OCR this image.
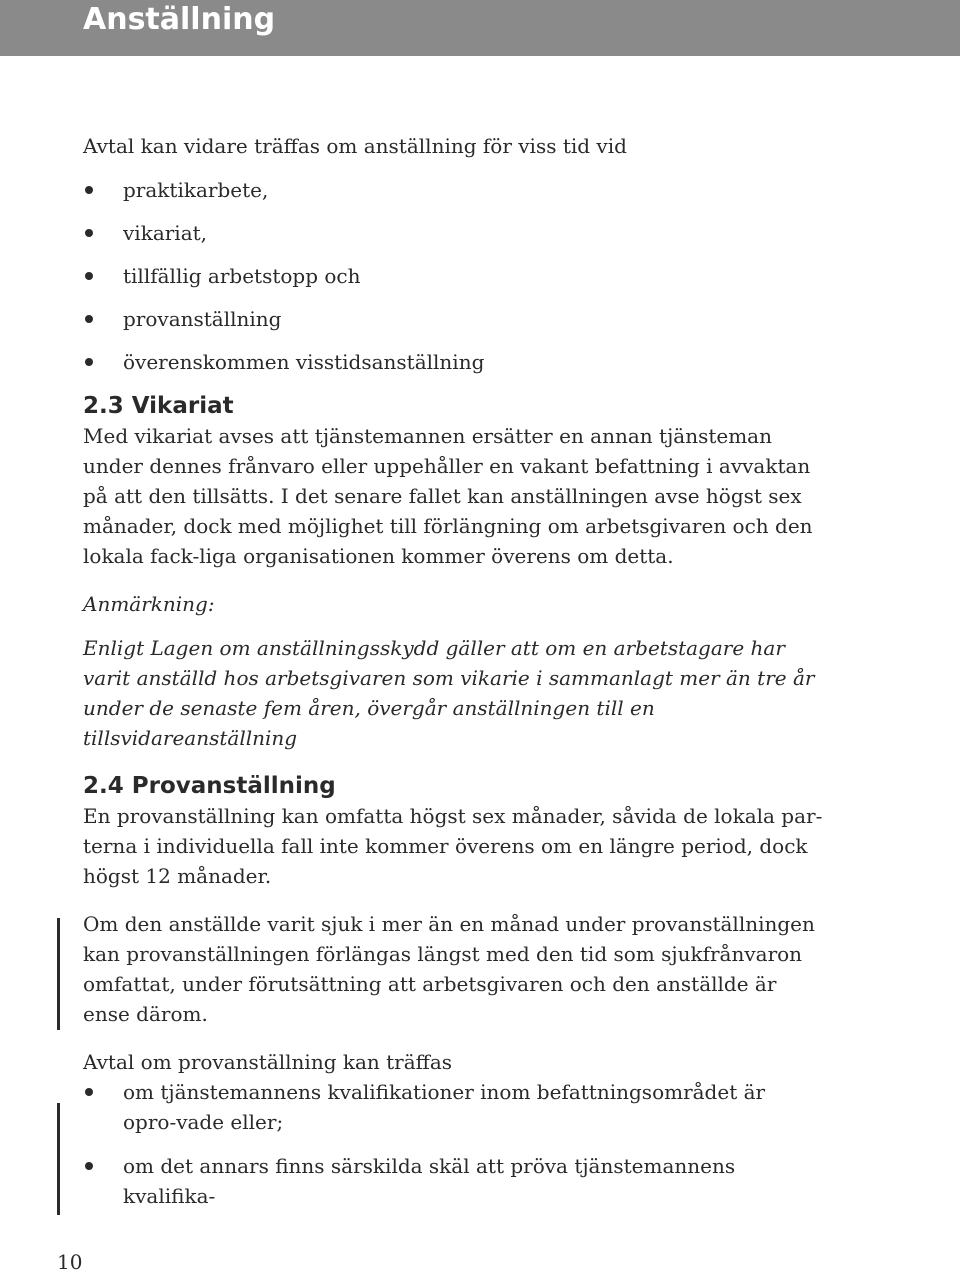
Anställning

Avtal kan vidare träffas om anställning för viss tid vid

praktikarbete,
vikariat,
tillfällig arbetstopp och
provanställning
överenskommen visstidsanställning
2.3 Vikariat

Med vikariat avses att tjänstemannen ersätter en annan tjänsteman under dennes frånvaro eller uppehåller en vakant befattning i avvaktan på att den tillsätts. I det senare fallet kan anställningen avse högst sex månader, dock med möjlighet till förlängning om arbetsgivaren och den lokala fack-liga organisationen kommer överens om detta.

Anmärkning:

Enligt Lagen om anställningsskydd gäller att om en arbetstagare har varit anställd hos arbetsgivaren som vikarie i sammanlagt mer än tre år under de senaste fem åren, övergår anställningen till en tillsvidareanställning

2.4 Provanställning

En provanställning kan omfatta högst sex månader, såvida de lokala par-terna i individuella fall inte kommer överens om en längre period, dock högst 12 månader.

Om den anställde varit sjuk i mer än en månad under provanställningen kan provanställningen förlängas längst med den tid som sjukfrånvaron omfattat, under förutsättning att arbetsgivaren och den anställde är ense därom.

Avtal om provanställning kan träffas

om tjänstemannens kvalifikationer inom befattningsområdet är opro-vade eller;
om det annars finns särskilda skäl att pröva tjänstemannens kvalifika-
10
